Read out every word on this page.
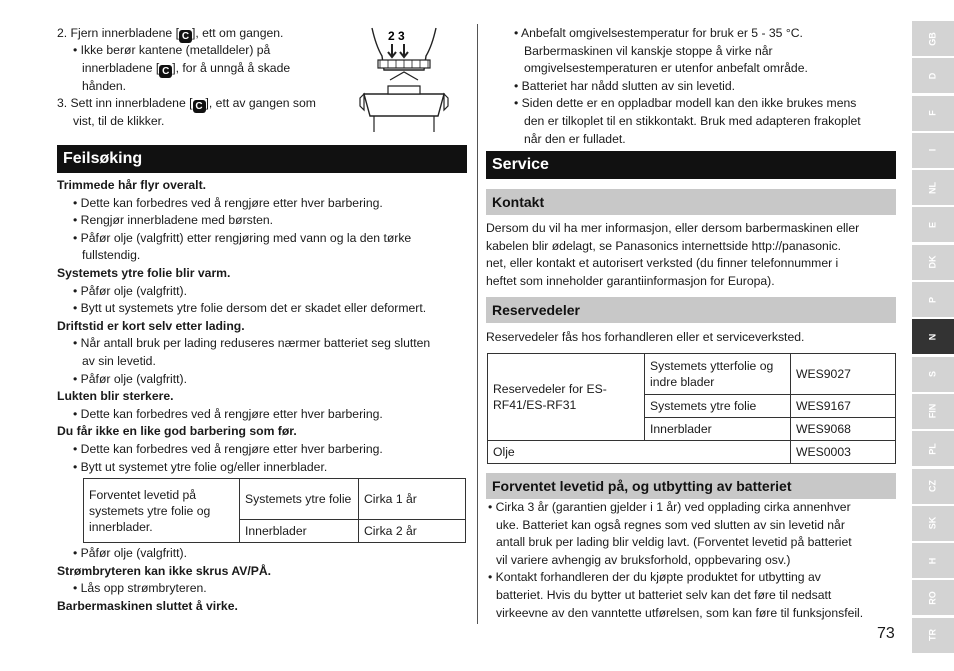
2. Fjern innerbladene [ C ], ett om gangen.
• Ikke berør kantene (metalldeler) på
innerbladene [ C ], for å unngå å skade
hånden.
3. Sett inn innerbladene [ C ], ett av gangen som
vist, til de klikker.
2 3
Feilsøking
Trimmede hår flyr overalt.
• Dette kan forbedres ved å rengjøre etter hver barbering.
• Rengjør innerbladene med børsten.
• Påfør olje (valgfritt) etter rengjøring med vann og la den tørke
fullstendig.
Systemets ytre folie blir varm.
• Påfør olje (valgfritt).
• Bytt ut systemets ytre folie dersom det er skadet eller deformert.
Driftstid er kort selv etter lading.
• Når antall bruk per lading reduseres nærmer batteriet seg slutten
av sin levetid.
• Påfør olje (valgfritt).
Lukten blir sterkere.
• Dette kan forbedres ved å rengjøre etter hver barbering.
Du får ikke en like god barbering som før.
• Dette kan forbedres ved å rengjøre etter hver barbering.
• Bytt ut systemet ytre folie og/eller innerblader.
Forventet levetid på systemets ytre folie og innerblader.	Systemets ytre folie	Cirka 1 år
	Innerblader	Cirka 2 år
• Påfør olje (valgfritt).
Strømbryteren kan ikke skrus AV/PÅ.
• Lås opp strømbryteren.
Barbermaskinen sluttet å virke.
• Anbefalt omgivelsestemperatur for bruk er 5 - 35 °C.
Barbermaskinen vil kanskje stoppe å virke når
omgivelsestemperaturen er utenfor anbefalt område.
• Batteriet har nådd slutten av sin levetid.
• Siden dette er en oppladbar modell kan den ikke brukes mens
den er tilkoplet til en stikkontakt. Bruk med adapteren frakoplet
når den er fulladet.
Service
Kontakt
Dersom du vil ha mer informasjon, eller dersom barbermaskinen eller
kabelen blir ødelagt, se Panasonics internettside http://panasonic.
net, eller kontakt et autorisert verksted (du finner telefonnummer i
heftet som inneholder garantiinformasjon for Europa).
Reservedeler
Reservedeler fås hos forhandleren eller et serviceverksted.
Reservedeler for ES-RF41/ES-RF31	Systemets ytterfolie og indre blader	WES9027
	Systemets ytre folie	WES9167
	Innerblader	WES9068
Olje		WES0003
Forventet levetid på, og utbytting av batteriet
• Cirka 3 år (garantien gjelder i 1 år) ved opplading cirka annenhver
uke. Batteriet kan også regnes som ved slutten av sin levetid når
antall bruk per lading blir veldig lavt. (Forventet levetid på batteriet
vil variere avhengig av bruksforhold, oppbevaring osv.)
• Kontakt forhandleren der du kjøpte produktet for utbytting av
batteriet. Hvis du bytter ut batteriet selv kan det føre til nedsatt
virkeevne av den vanntette utførelsen, som kan føre til funksjonsfeil.
GB
D
F
I
NL
E
DK
P
N
S
FIN
PL
CZ
SK
H
RO
TR
73
